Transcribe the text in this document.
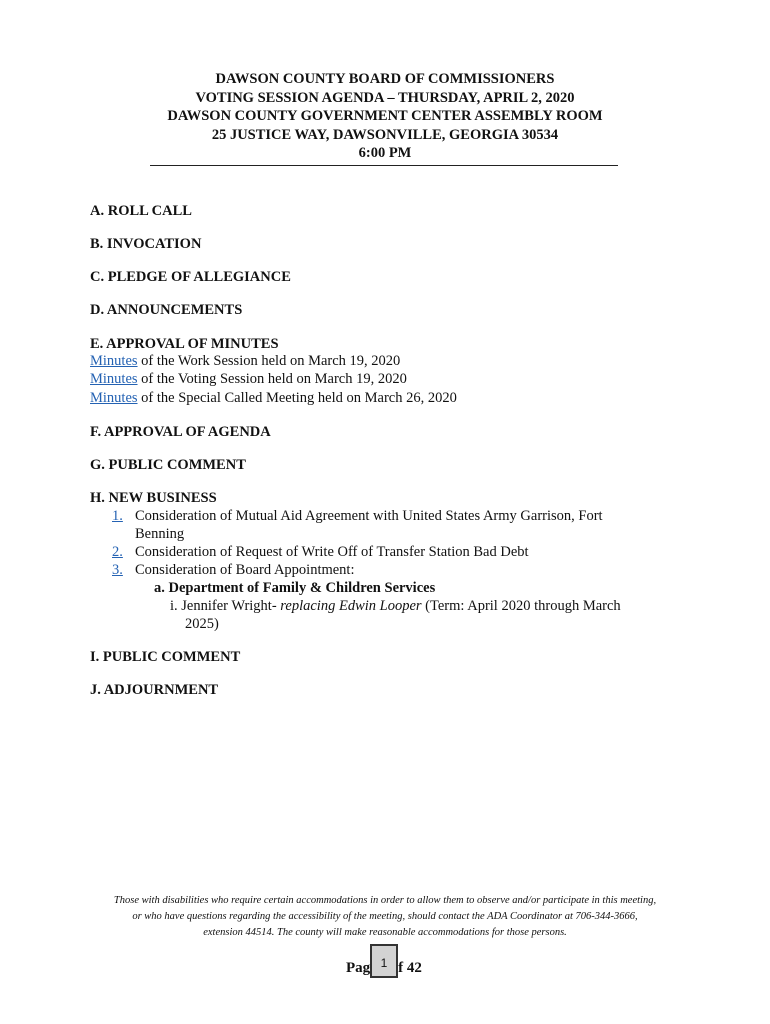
DAWSON COUNTY BOARD OF COMMISSIONERS
VOTING SESSION AGENDA – THURSDAY, APRIL 2, 2020
DAWSON COUNTY GOVERNMENT CENTER ASSEMBLY ROOM
25 JUSTICE WAY, DAWSONVILLE, GEORGIA 30534
6:00 PM
A. ROLL CALL
B. INVOCATION
C. PLEDGE OF ALLEGIANCE
D. ANNOUNCEMENTS
E. APPROVAL OF MINUTES
Minutes of the Work Session held on March 19, 2020
Minutes of the Voting Session held on March 19, 2020
Minutes of the Special Called Meeting held on March 26, 2020
F. APPROVAL OF AGENDA
G. PUBLIC COMMENT
H. NEW BUSINESS
1. Consideration of Mutual Aid Agreement with United States Army Garrison, Fort
Benning
2. Consideration of Request of Write Off of Transfer Station Bad Debt
3. Consideration of Board Appointment:
a. Department of Family & Children Services
i. Jennifer Wright- replacing Edwin Looper (Term: April 2020 through March
2025)
I. PUBLIC COMMENT
J. ADJOURNMENT
Those with disabilities who require certain accommodations in order to allow them to observe and/or participate in this meeting,
or who have questions regarding the accessibility of the meeting, should contact the ADA Coordinator at 706-344-3666,
extension 44514. The county will make reasonable accommodations for those persons.
Pag f 42
1
